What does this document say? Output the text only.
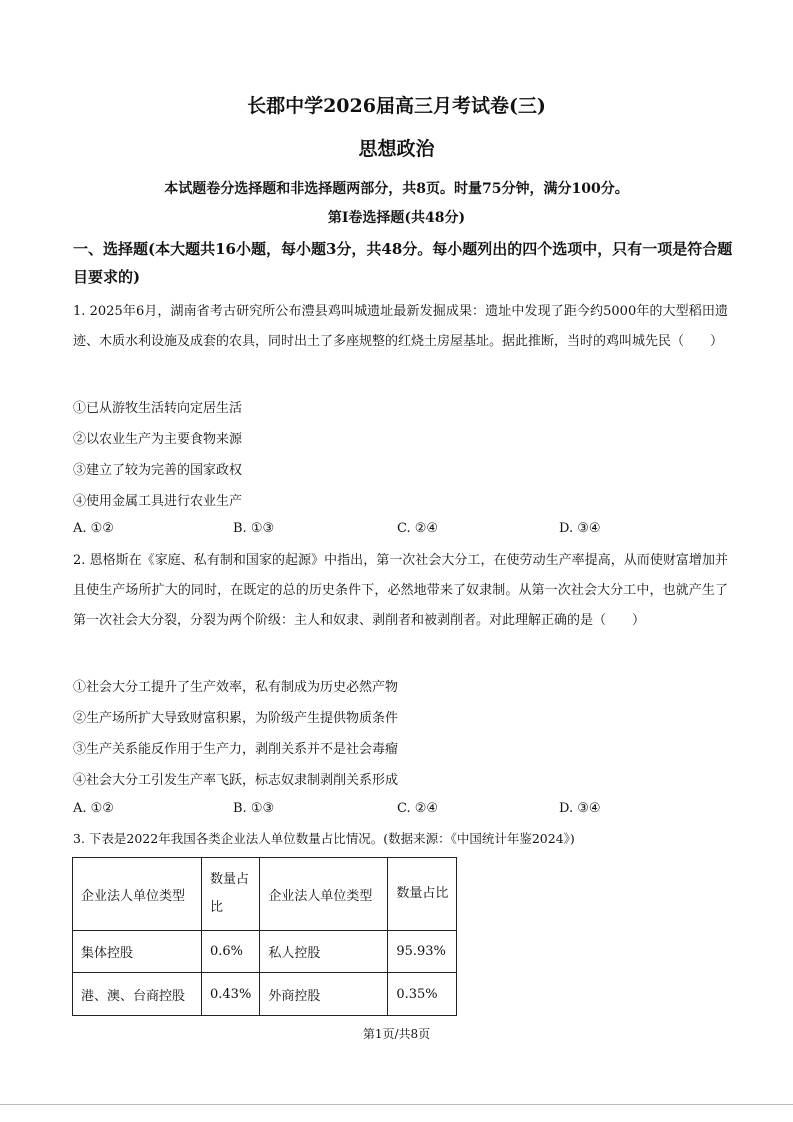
长郡中学2026届高三月考试卷(三)
思想政治
本试题卷分选择题和非选择题两部分，共8页。时量75分钟，满分100分。
第Ⅰ卷选择题(共48分)
一、选择题(本大题共16小题，每小题3分，共48分。每小题列出的四个选项中，只有一项是符合题目要求的)
1. 2025年6月，湖南省考古研究所公布澧县鸡叫城遗址最新发掘成果：遗址中发现了距今约5000年的大型稻田遗迹、木质水利设施及成套的农具，同时出土了多座规整的红烧土房屋基址。据此推断，当时的鸡叫城先民（　　）
①已从游牧生活转向定居生活
②以农业生产为主要食物来源
③建立了较为完善的国家政权
④使用金属工具进行农业生产
A. ①②	B. ①③	C. ②④	D. ③④
2. 恩格斯在《家庭、私有制和国家的起源》中指出，第一次社会大分工，在使劳动生产率提高，从而使财富增加并且使生产场所扩大的同时，在既定的总的历史条件下，必然地带来了奴隶制。从第一次社会大分工中，也就产生了第一次社会大分裂，分裂为两个阶级：主人和奴隶、剥削者和被剥削者。对此理解正确的是（　　）
①社会大分工提升了生产效率，私有制成为历史必然产物
②生产场所扩大导致财富积累，为阶级产生提供物质条件
③生产关系能反作用于生产力，剥削关系并不是社会毒瘤
④社会大分工引发生产率飞跃，标志奴隶制剥削关系形成
A. ①②	B. ①③	C. ②④	D. ③④
3. 下表是2022年我国各类企业法人单位数量占比情况。(数据来源：《中国统计年鉴2024》)
企业法人单位类型	数量占比	企业法人单位类型	数量占比
集体控股	0.6%	私人控股	95.93%
港、澳、台商控股	0.43%	外商控股	0.35%
第1页/共8页
